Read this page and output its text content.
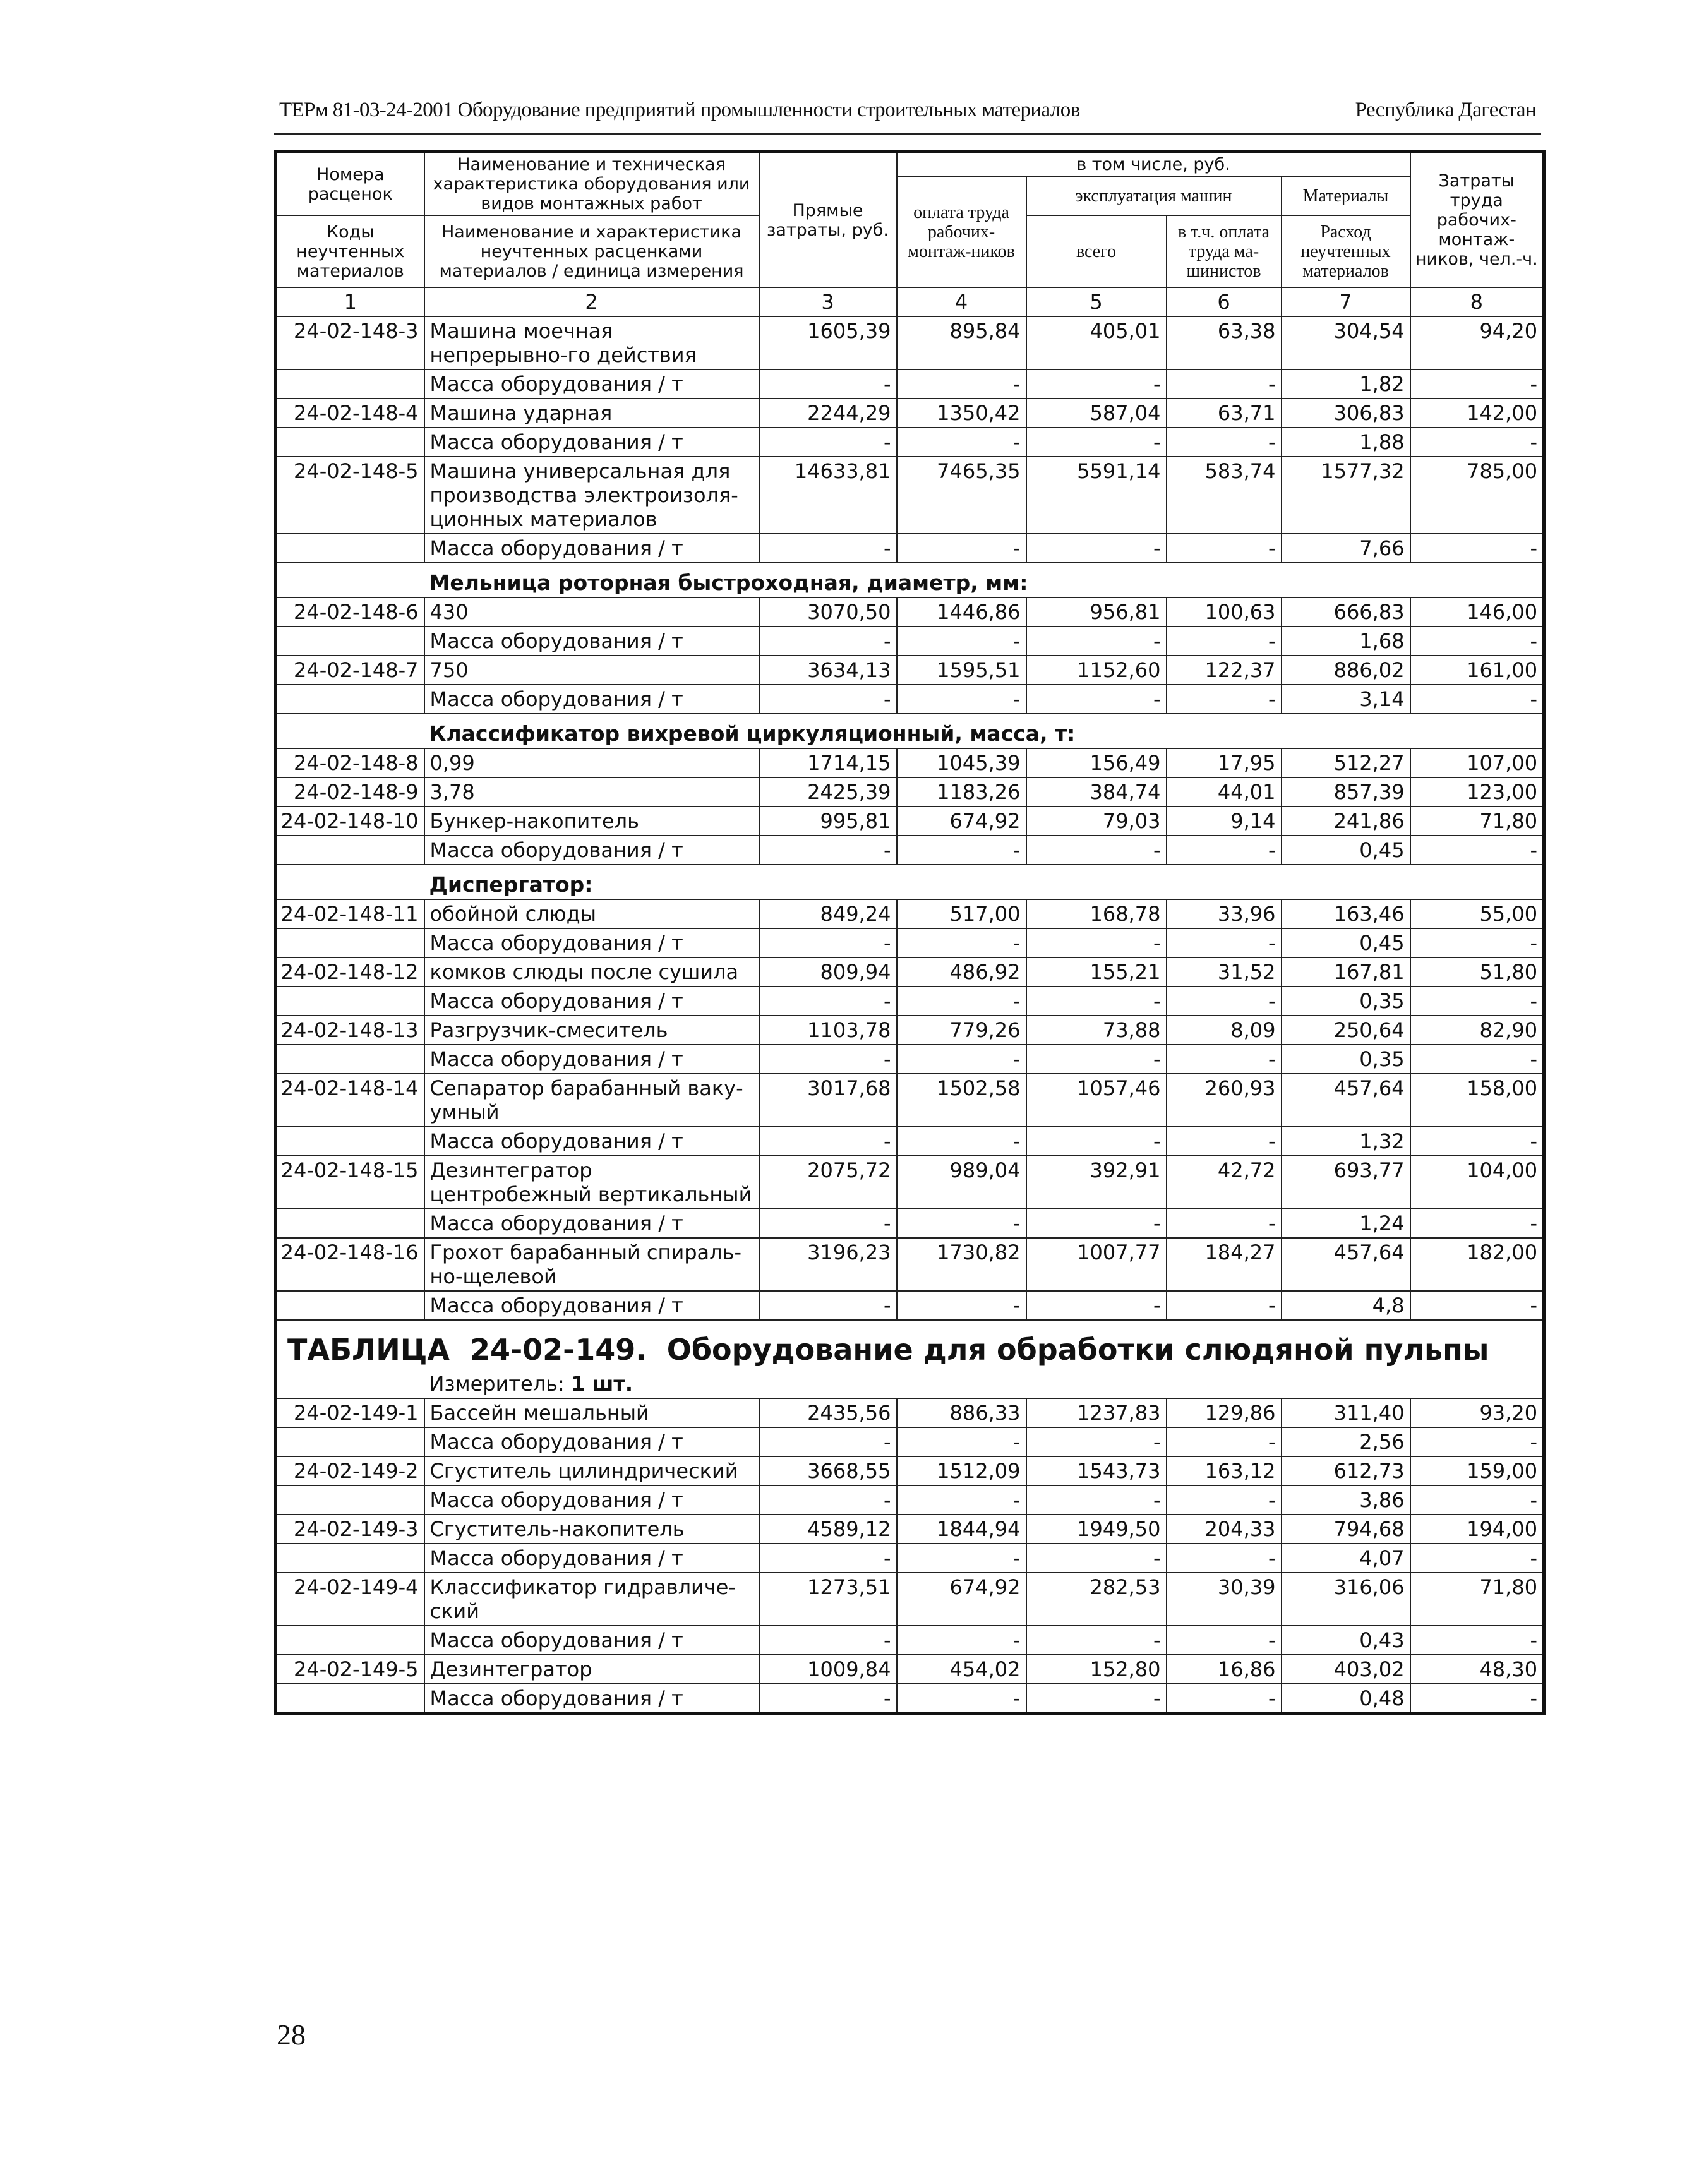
ТЕРм 81-03-24-2001 Оборудование предприятий промышленности строительных материалов	Республика Дагестан
Номера расценок	Наименование и техническая характеристика оборудования или видов монтажных работ	Прямые затраты, руб.	в том числе, руб.				Затраты труда рабочих-монтаж-ников, чел.-ч.
			оплата труда рабочих-монтаж-ников	эксплуатация машин		Материалы	
Коды неучтенных материалов	Наименование и характеристика неучтенных расценками материалов / единица измерения			всего	в т.ч. оплата труда ма-шинистов	Расход неучтенных материалов	

1	2	3	4	5	6	7	8
24-02-148-3	Машина моечная непрерывно-го действия	1605,39	895,84	405,01	63,38	304,54	94,20
	Масса оборудования / т	-	-	-	-	1,82	-
24-02-148-4	Машина ударная	2244,29	1350,42	587,04	63,71	306,83	142,00
	Масса оборудования / т	-	-	-	-	1,88	-
24-02-148-5	Машина универсальная для производства электроизоля-ционных материалов	14633,81	7465,35	5591,14	583,74	1577,32	785,00
	Масса оборудования / т	-	-	-	-	7,66	-
	Мельница роторная быстроходная, диаметр, мм:						
24-02-148-6	430	3070,50	1446,86	956,81	100,63	666,83	146,00
	Масса оборудования / т	-	-	-	-	1,68	-
24-02-148-7	750	3634,13	1595,51	1152,60	122,37	886,02	161,00
	Масса оборудования / т	-	-	-	-	3,14	-
	Классификатор вихревой циркуляционный, масса, т:						
24-02-148-8	0,99	1714,15	1045,39	156,49	17,95	512,27	107,00
24-02-148-9	3,78	2425,39	1183,26	384,74	44,01	857,39	123,00
24-02-148-10	Бункер-накопитель	995,81	674,92	79,03	9,14	241,86	71,80
	Масса оборудования / т	-	-	-	-	0,45	-
	Диспергатор:						
24-02-148-11	обойной слюды	849,24	517,00	168,78	33,96	163,46	55,00
	Масса оборудования / т	-	-	-	-	0,45	-
24-02-148-12	комков слюды после сушила	809,94	486,92	155,21	31,52	167,81	51,80
	Масса оборудования / т	-	-	-	-	0,35	-
24-02-148-13	Разгрузчик-смеситель	1103,78	779,26	73,88	8,09	250,64	82,90
	Масса оборудования / т	-	-	-	-	0,35	-
24-02-148-14	Сепаратор барабанный ваку-умный	3017,68	1502,58	1057,46	260,93	457,64	158,00
	Масса оборудования / т	-	-	-	-	1,32	-
24-02-148-15	Дезинтегратор центробежный вертикальный	2075,72	989,04	392,91	42,72	693,77	104,00
	Масса оборудования / т	-	-	-	-	1,24	-
24-02-148-16	Грохот барабанный спираль-но-щелевой	3196,23	1730,82	1007,77	184,27	457,64	182,00
	Масса оборудования / т	-	-	-	-	4,8	-
ТАБЛИЦА  24-02-149.  Оборудование для обработки слюдяной пульпы							
	Измеритель: 1 шт.						
24-02-149-1	Бассейн мешальный	2435,56	886,33	1237,83	129,86	311,40	93,20
	Масса оборудования / т	-	-	-	-	2,56	-
24-02-149-2	Сгуститель цилиндрический	3668,55	1512,09	1543,73	163,12	612,73	159,00
	Масса оборудования / т	-	-	-	-	3,86	-
24-02-149-3	Сгуститель-накопитель	4589,12	1844,94	1949,50	204,33	794,68	194,00
	Масса оборудования / т	-	-	-	-	4,07	-
24-02-149-4	Классификатор гидравличе-ский	1273,51	674,92	282,53	30,39	316,06	71,80
	Масса оборудования / т	-	-	-	-	0,43	-
24-02-149-5	Дезинтегратор	1009,84	454,02	152,80	16,86	403,02	48,30
	Масса оборудования / т	-	-	-	-	0,48	-
28
